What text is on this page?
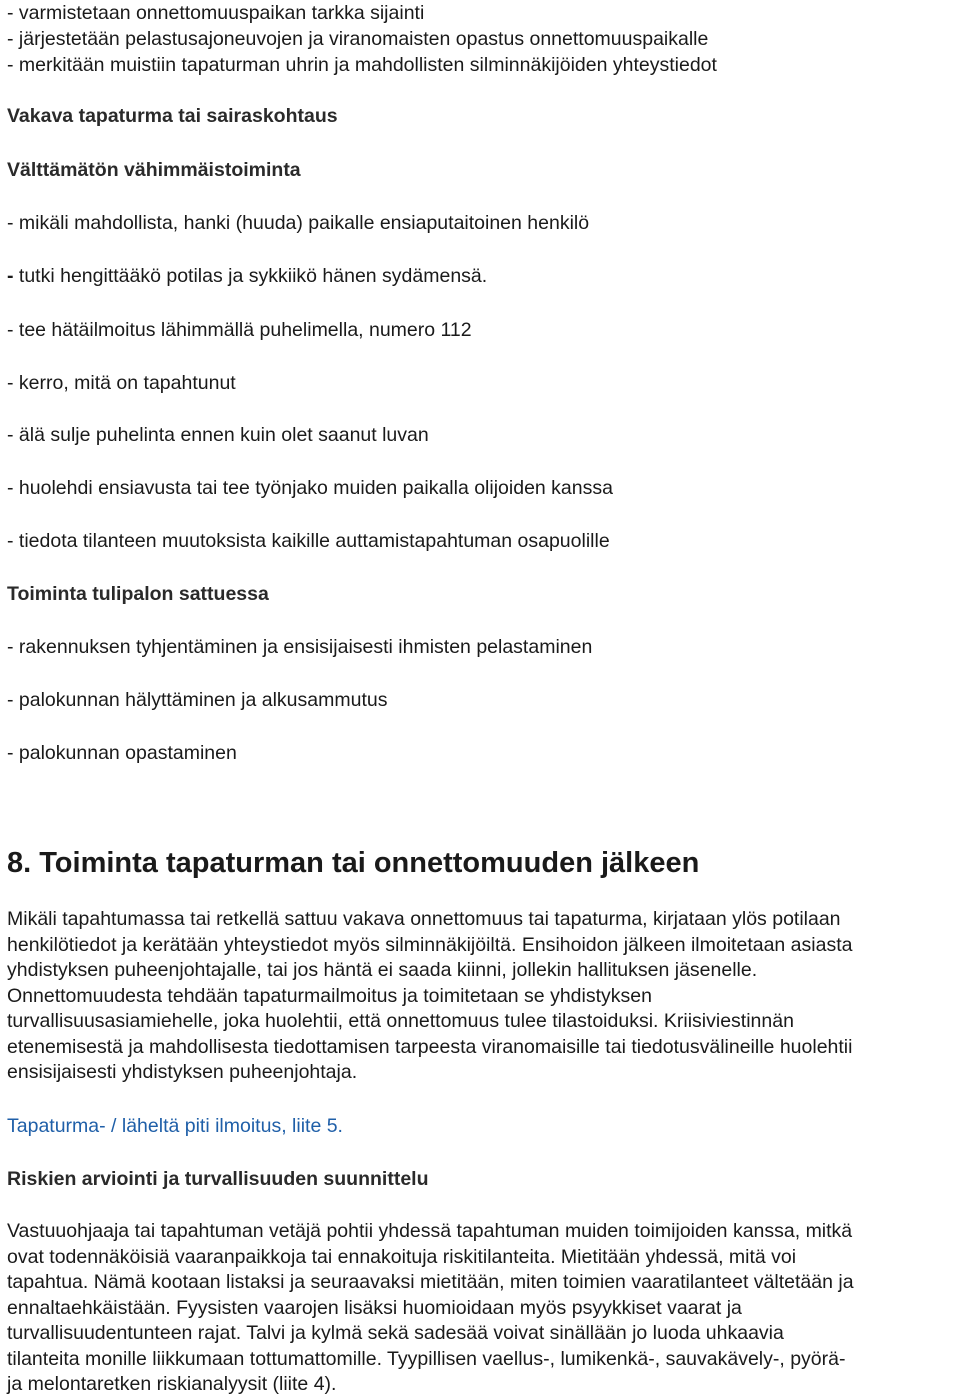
- varmistetaan onnettomuuspaikan tarkka sijainti
- järjestetään pelastusajoneuvojen ja viranomaisten opastus onnettomuuspaikalle
- merkitään muistiin tapaturman uhrin ja mahdollisten silminnäkijöiden yhteystiedot
Vakava tapaturma tai sairaskohtaus
Välttämätön vähimmäistoiminta
- mikäli mahdollista, hanki (huuda) paikalle ensiaputaitoinen henkilö
- tutki hengittääkö potilas ja sykkiikö hänen sydämensä.
- tee hätäilmoitus lähimmällä puhelimella, numero 112
- kerro, mitä on tapahtunut
- älä sulje puhelinta ennen kuin olet saanut luvan
- huolehdi ensiavusta tai tee työnjako muiden paikalla olijoiden kanssa
- tiedota tilanteen muutoksista kaikille auttamistapahtuman osapuolille
Toiminta tulipalon sattuessa
- rakennuksen tyhjentäminen ja ensisijaisesti ihmisten pelastaminen
- palokunnan hälyttäminen ja alkusammutus
- palokunnan opastaminen
8. Toiminta tapaturman tai onnettomuuden jälkeen
Mikäli tapahtumassa tai retkellä sattuu vakava onnettomuus tai tapaturma, kirjataan ylös potilaan
henkilötiedot ja kerätään yhteystiedot myös silminnäkijöiltä. Ensihoidon jälkeen ilmoitetaan asiasta
yhdistyksen puheenjohtajalle, tai jos häntä ei saada kiinni, jollekin hallituksen jäsenelle.
Onnettomuudesta tehdään tapaturmailmoitus ja toimitetaan se yhdistyksen
turvallisuusasiamiehelle, joka huolehtii, että onnettomuus tulee tilastoiduksi. Kriisiviestinnän
etenemisestä ja mahdollisesta tiedottamisen tarpeesta viranomaisille tai tiedotusvälineille huolehtii
ensisijaisesti yhdistyksen puheenjohtaja.
Tapaturma- / läheltä piti ilmoitus, liite 5.
Riskien arviointi ja turvallisuuden suunnittelu
Vastuuohjaaja tai tapahtuman vetäjä pohtii yhdessä tapahtuman muiden toimijoiden kanssa, mitkä
ovat todennäköisiä vaaranpaikkoja tai ennakoituja riskitilanteita. Mietitään yhdessä, mitä voi
tapahtua. Nämä kootaan listaksi ja seuraavaksi mietitään, miten toimien vaaratilanteet vältetään ja
ennaltaehkäistään. Fyysisten vaarojen lisäksi huomioidaan myös psyykkiset vaarat ja
turvallisuudentunteen rajat. Talvi ja kylmä sekä sadesää voivat sinällään jo luoda uhkaavia
tilanteita monille liikkumaan tottumattomille. Tyypillisen vaellus-, lumikenkä-, sauvakävely-, pyörä-
ja melontaretken riskianalyysit (liite 4).
